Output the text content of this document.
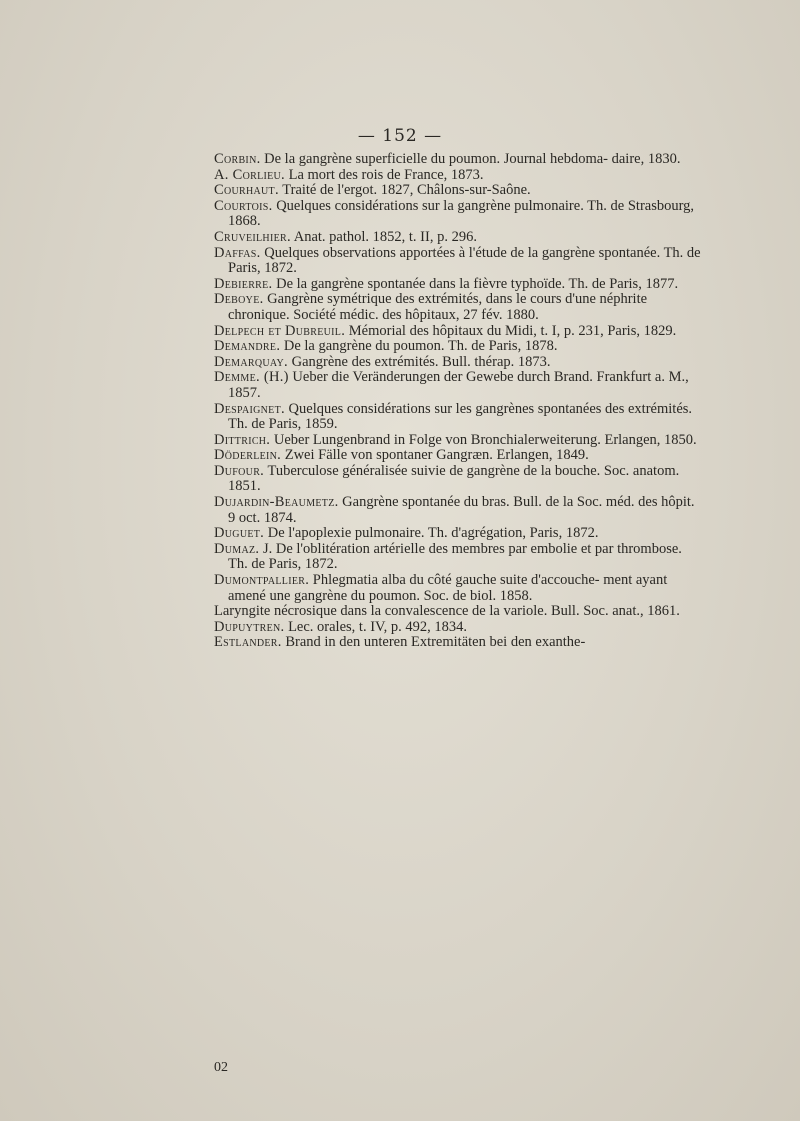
— 152 —

Corbin. De la gangrène superficielle du poumon. Journal hebdoma- daire, 1830.

A. Corlieu. La mort des rois de France, 1873.

Courhaut. Traité de l'ergot. 1827, Châlons-sur-Saône.

Courtois. Quelques considérations sur la gangrène pulmonaire. Th. de Strasbourg, 1868.

Cruveilhier. Anat. pathol. 1852, t. II, p. 296.

Daffas. Quelques observations apportées à l'étude de la gangrène spontanée. Th. de Paris, 1872.

Debierre. De la gangrène spontanée dans la fièvre typhoïde. Th. de Paris, 1877.

Deboye. Gangrène symétrique des extrémités, dans le cours d'une néphrite chronique. Société médic. des hôpitaux, 27 fév. 1880.

Delpech et Dubreuil. Mémorial des hôpitaux du Midi, t. I, p. 231, Paris, 1829.

Demandre. De la gangrène du poumon. Th. de Paris, 1878.

Demarquay. Gangrène des extrémités. Bull. thérap. 1873.

Demme. (H.) Ueber die Veränderungen der Gewebe durch Brand. Frankfurt a. M., 1857.

Despaignet. Quelques considérations sur les gangrènes spontanées des extrémités. Th. de Paris, 1859.

Dittrich. Ueber Lungenbrand in Folge von Bronchialerweiterung. Erlangen, 1850.

Döderlein. Zwei Fälle von spontaner Gangræn. Erlangen, 1849.

Dufour. Tuberculose généralisée suivie de gangrène de la bouche. Soc. anatom. 1851.

Dujardin-Beaumetz. Gangrène spontanée du bras. Bull. de la Soc. méd. des hôpit. 9 oct. 1874.

Duguet. De l'apoplexie pulmonaire. Th. d'agrégation, Paris, 1872.

Dumaz. J. De l'oblitération artérielle des membres par embolie et par thrombose. Th. de Paris, 1872.

Dumontpallier. Phlegmatia alba du côté gauche suite d'accouche- ment ayant amené une gangrène du poumon. Soc. de biol. 1858.

Laryngite nécrosique dans la convalescence de la variole. Bull. Soc. anat., 1861.

Dupuytren. Lec. orales, t. IV, p. 492, 1834.

Estlander. Brand in den unteren Extremitäten bei den exanthe-

02
